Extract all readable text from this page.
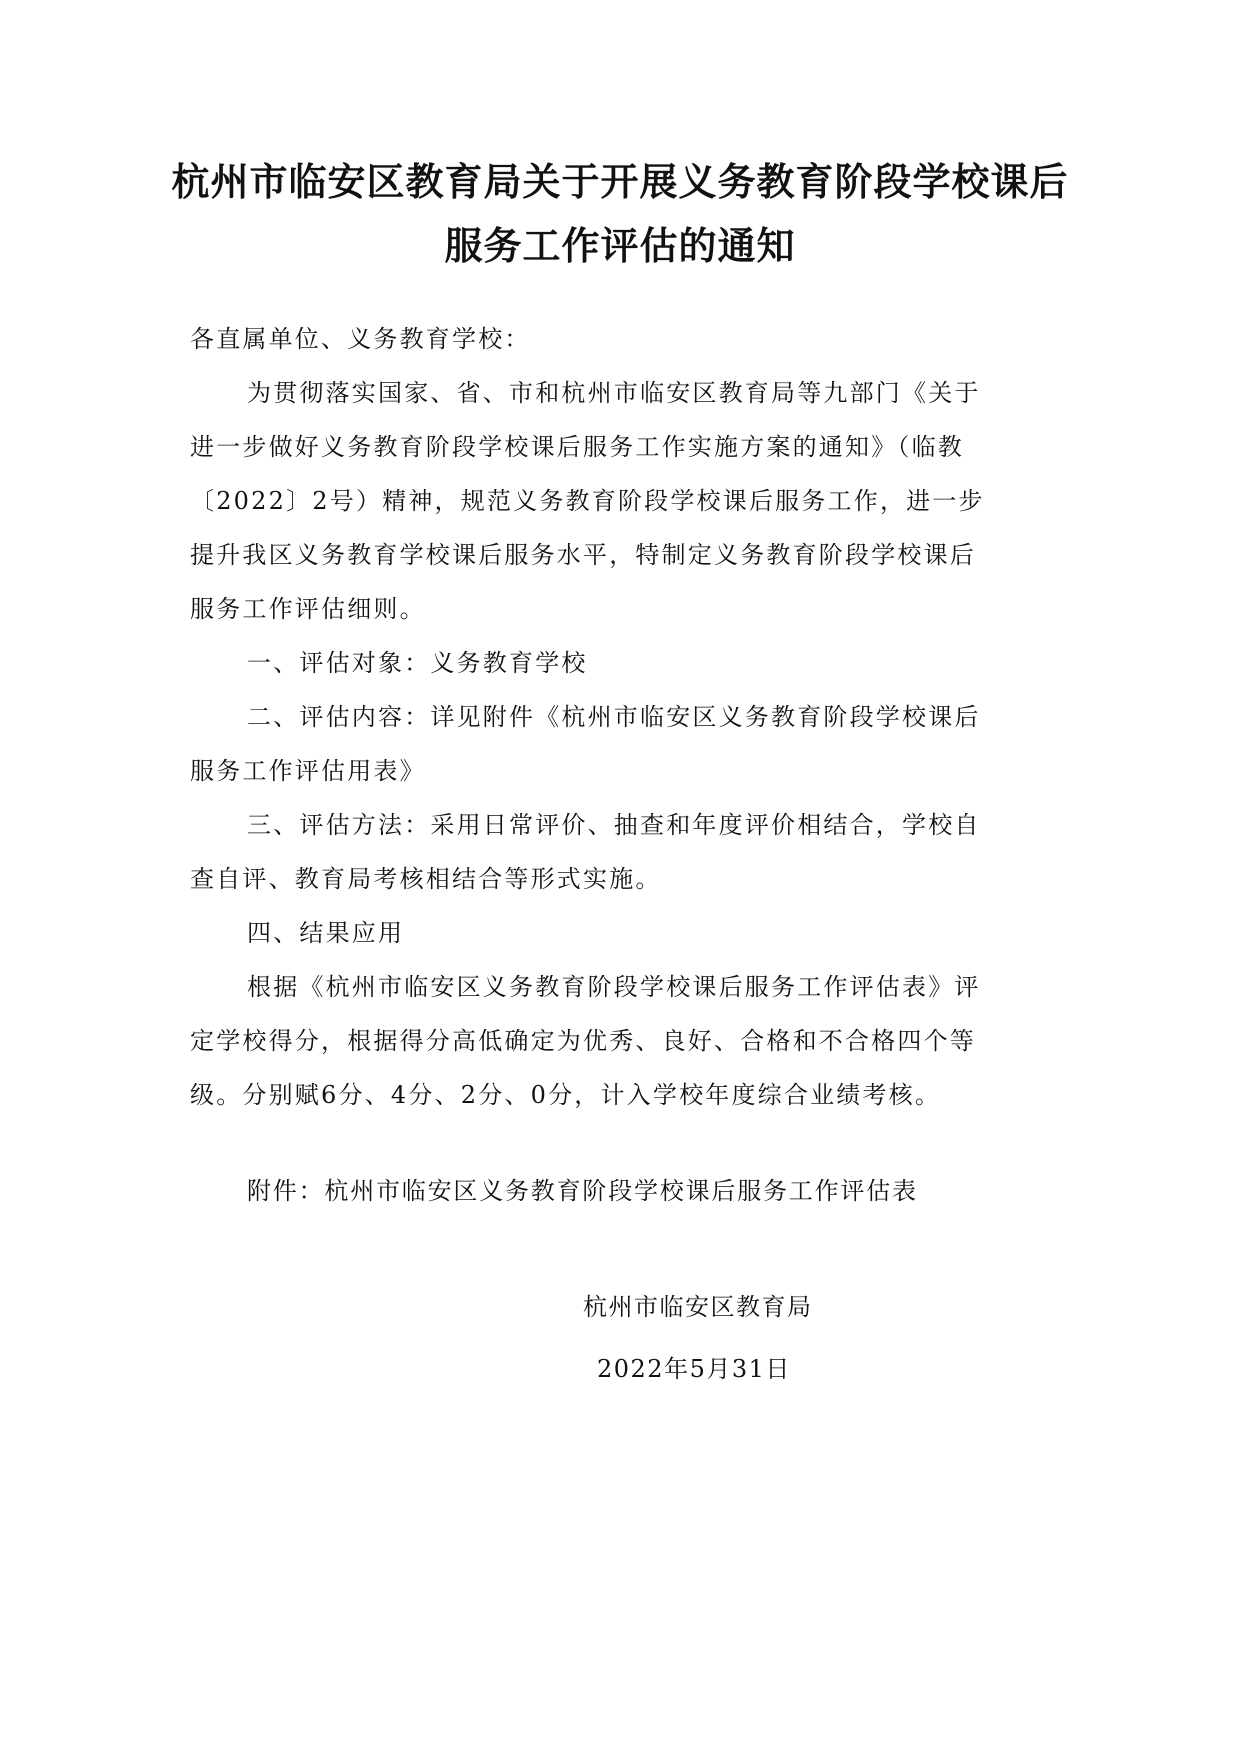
杭州市临安区教育局关于开展义务教育阶段学校课后
服务工作评估的通知

各直属单位、义务教育学校：

为贯彻落实国家、省、市和杭州市临安区教育局等九部门《关于

进一步做好义务教育阶段学校课后服务工作实施方案的通知》（临教

〔2022〕2号）精神，规范义务教育阶段学校课后服务工作，进一步

提升我区义务教育学校课后服务水平，特制定义务教育阶段学校课后

服务工作评估细则。

一、评估对象：义务教育学校

二、评估内容：详见附件《杭州市临安区义务教育阶段学校课后

服务工作评估用表》

三、评估方法：采用日常评价、抽查和年度评价相结合，学校自

查自评、教育局考核相结合等形式实施。

四、结果应用

根据《杭州市临安区义务教育阶段学校课后服务工作评估表》评

定学校得分，根据得分高低确定为优秀、良好、合格和不合格四个等

级。分别赋6分、4分、2分、0分，计入学校年度综合业绩考核。

附件：杭州市临安区义务教育阶段学校课后服务工作评估表

杭州市临安区教育局

2022年5月31日
